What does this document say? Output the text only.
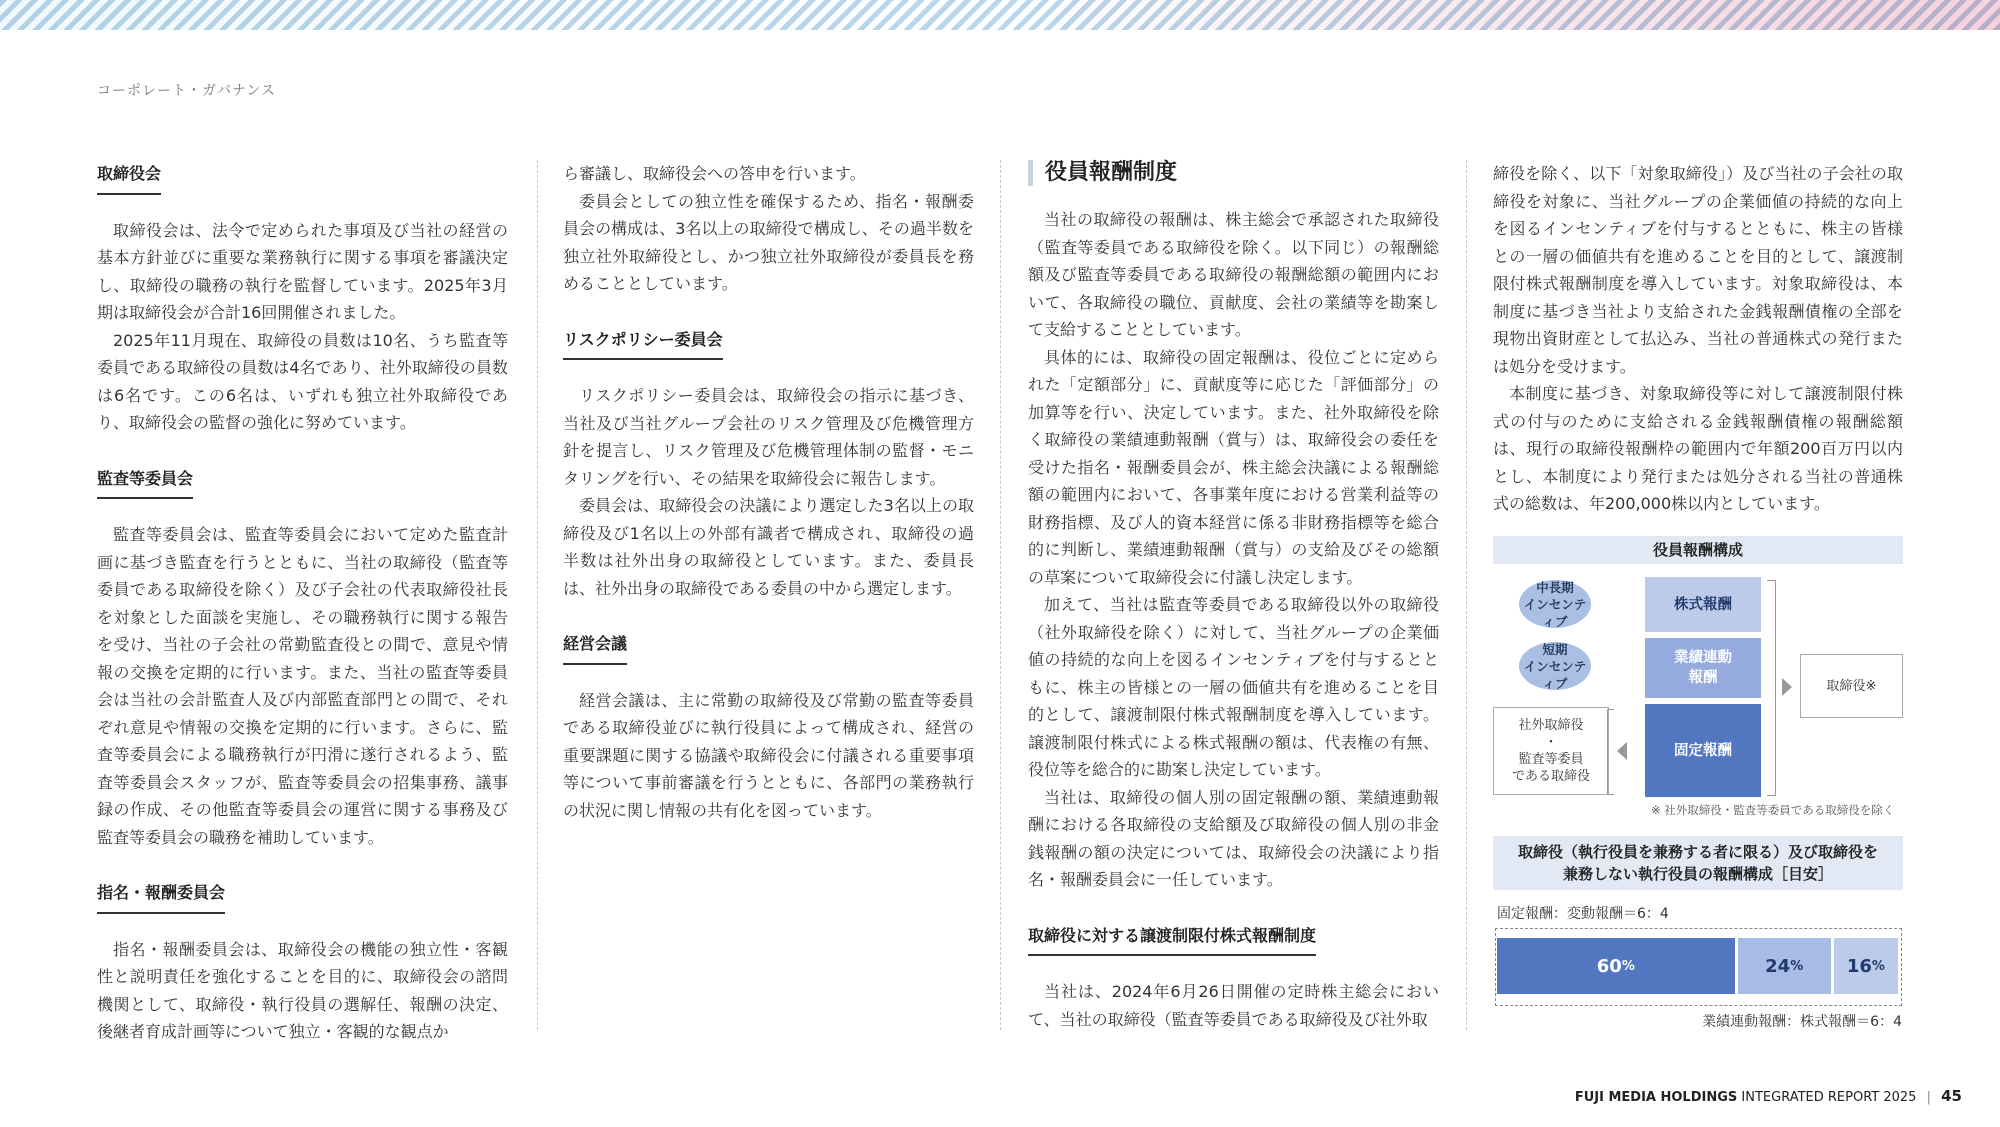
コーポレート・ガバナンス
取締役会

取締役会は、法令で定められた事項及び当社の経営の基本方針並びに重要な業務執行に関する事項を審議決定し、取締役の職務の執行を監督しています。2025年3月期は取締役会が合計16回開催されました。

2025年11月現在、取締役の員数は10名、うち監査等委員である取締役の員数は4名であり、社外取締役の員数は6名です。この6名は、いずれも独立社外取締役であり、取締役会の監督の強化に努めています。

監査等委員会

監査等委員会は、監査等委員会において定めた監査計画に基づき監査を行うとともに、当社の取締役（監査等委員である取締役を除く）及び子会社の代表取締役社長を対象とした面談を実施し、その職務執行に関する報告を受け、当社の子会社の常勤監査役との間で、意見や情報の交換を定期的に行います。また、当社の監査等委員会は当社の会計監査人及び内部監査部門との間で、それぞれ意見や情報の交換を定期的に行います。さらに、監査等委員会による職務執行が円滑に遂行されるよう、監査等委員会スタッフが、監査等委員会の招集事務、議事録の作成、その他監査等委員会の運営に関する事務及び監査等委員会の職務を補助しています。

指名・報酬委員会

指名・報酬委員会は、取締役会の機能の独立性・客観性と説明責任を強化することを目的に、取締役会の諮問機関として、取締役・執行役員の選解任、報酬の決定、後継者育成計画等について独立・客観的な観点か

ら審議し、取締役会への答申を行います。

委員会としての独立性を確保するため、指名・報酬委員会の構成は、3名以上の取締役で構成し、その過半数を独立社外取締役とし、かつ独立社外取締役が委員長を務めることとしています。

リスクポリシー委員会

リスクポリシー委員会は、取締役会の指示に基づき、当社及び当社グループ会社のリスク管理及び危機管理方針を提言し、リスク管理及び危機管理体制の監督・モニタリングを行い、その結果を取締役会に報告します。

委員会は、取締役会の決議により選定した3名以上の取締役及び1名以上の外部有識者で構成され、取締役の過半数は社外出身の取締役としています。また、委員長は、社外出身の取締役である委員の中から選定します。

経営会議

経営会議は、主に常勤の取締役及び常勤の監査等委員である取締役並びに執行役員によって構成され、経営の重要課題に関する協議や取締役会に付議される重要事項等について事前審議を行うとともに、各部門の業務執行の状況に関し情報の共有化を図っています。

役員報酬制度

当社の取締役の報酬は、株主総会で承認された取締役（監査等委員である取締役を除く。以下同じ）の報酬総額及び監査等委員である取締役の報酬総額の範囲内において、各取締役の職位、貢献度、会社の業績等を勘案して支給することとしています。

具体的には、取締役の固定報酬は、役位ごとに定められた「定額部分」に、貢献度等に応じた「評価部分」の加算等を行い、決定しています。また、社外取締役を除く取締役の業績連動報酬（賞与）は、取締役会の委任を受けた指名・報酬委員会が、株主総会決議による報酬総額の範囲内において、各事業年度における営業利益等の財務指標、及び人的資本経営に係る非財務指標等を総合的に判断し、業績連動報酬（賞与）の支給及びその総額の草案について取締役会に付議し決定します。

加えて、当社は監査等委員である取締役以外の取締役（社外取締役を除く）に対して、当社グループの企業価値の持続的な向上を図るインセンティブを付与するとともに、株主の皆様との一層の価値共有を進めることを目的として、譲渡制限付株式報酬制度を導入しています。譲渡制限付株式による株式報酬の額は、代表権の有無、役位等を総合的に勘案し決定しています。

当社は、取締役の個人別の固定報酬の額、業績連動報酬における各取締役の支給額及び取締役の個人別の非金銭報酬の額の決定については、取締役会の決議により指名・報酬委員会に一任しています。

取締役に対する譲渡制限付株式報酬制度

当社は、2024年6月26日開催の定時株主総会において、当社の取締役（監査等委員である取締役及び社外取

締役を除く、以下「対象取締役」）及び当社の子会社の取締役を対象に、当社グループの企業価値の持続的な向上を図るインセンティブを付与するとともに、株主の皆様との一層の価値共有を進めることを目的として、譲渡制限付株式報酬制度を導入しています。対象取締役は、本制度に基づき当社より支給された金銭報酬債権の全部を現物出資財産として払込み、当社の普通株式の発行または処分を受けます。

本制度に基づき、対象取締役等に対して譲渡制限付株式の付与のために支給される金銭報酬債権の報酬総額は、現行の取締役報酬枠の範囲内で年額200百万円以内とし、本制度により発行または処分される当社の普通株式の総数は、年200,000株以内としています。

役員報酬構成
中長期
インセンティブ
短期
インセンティブ
株式報酬
業績連動
報酬
固定報酬
社外取締役
・
監査等委員
である取締役
取締役※
※ 社外取締役・監査等委員である取締役を除く
取締役（執行役員を兼務する者に限る）及び取締役を
兼務しない執行役員の報酬構成［目安］
固定報酬：変動報酬＝6：4
60 %	24 % 16 %
業績連動報酬：株式報酬＝6：4
FUJI MEDIA HOLDINGS INTEGRATED REPORT 2025 | 45
